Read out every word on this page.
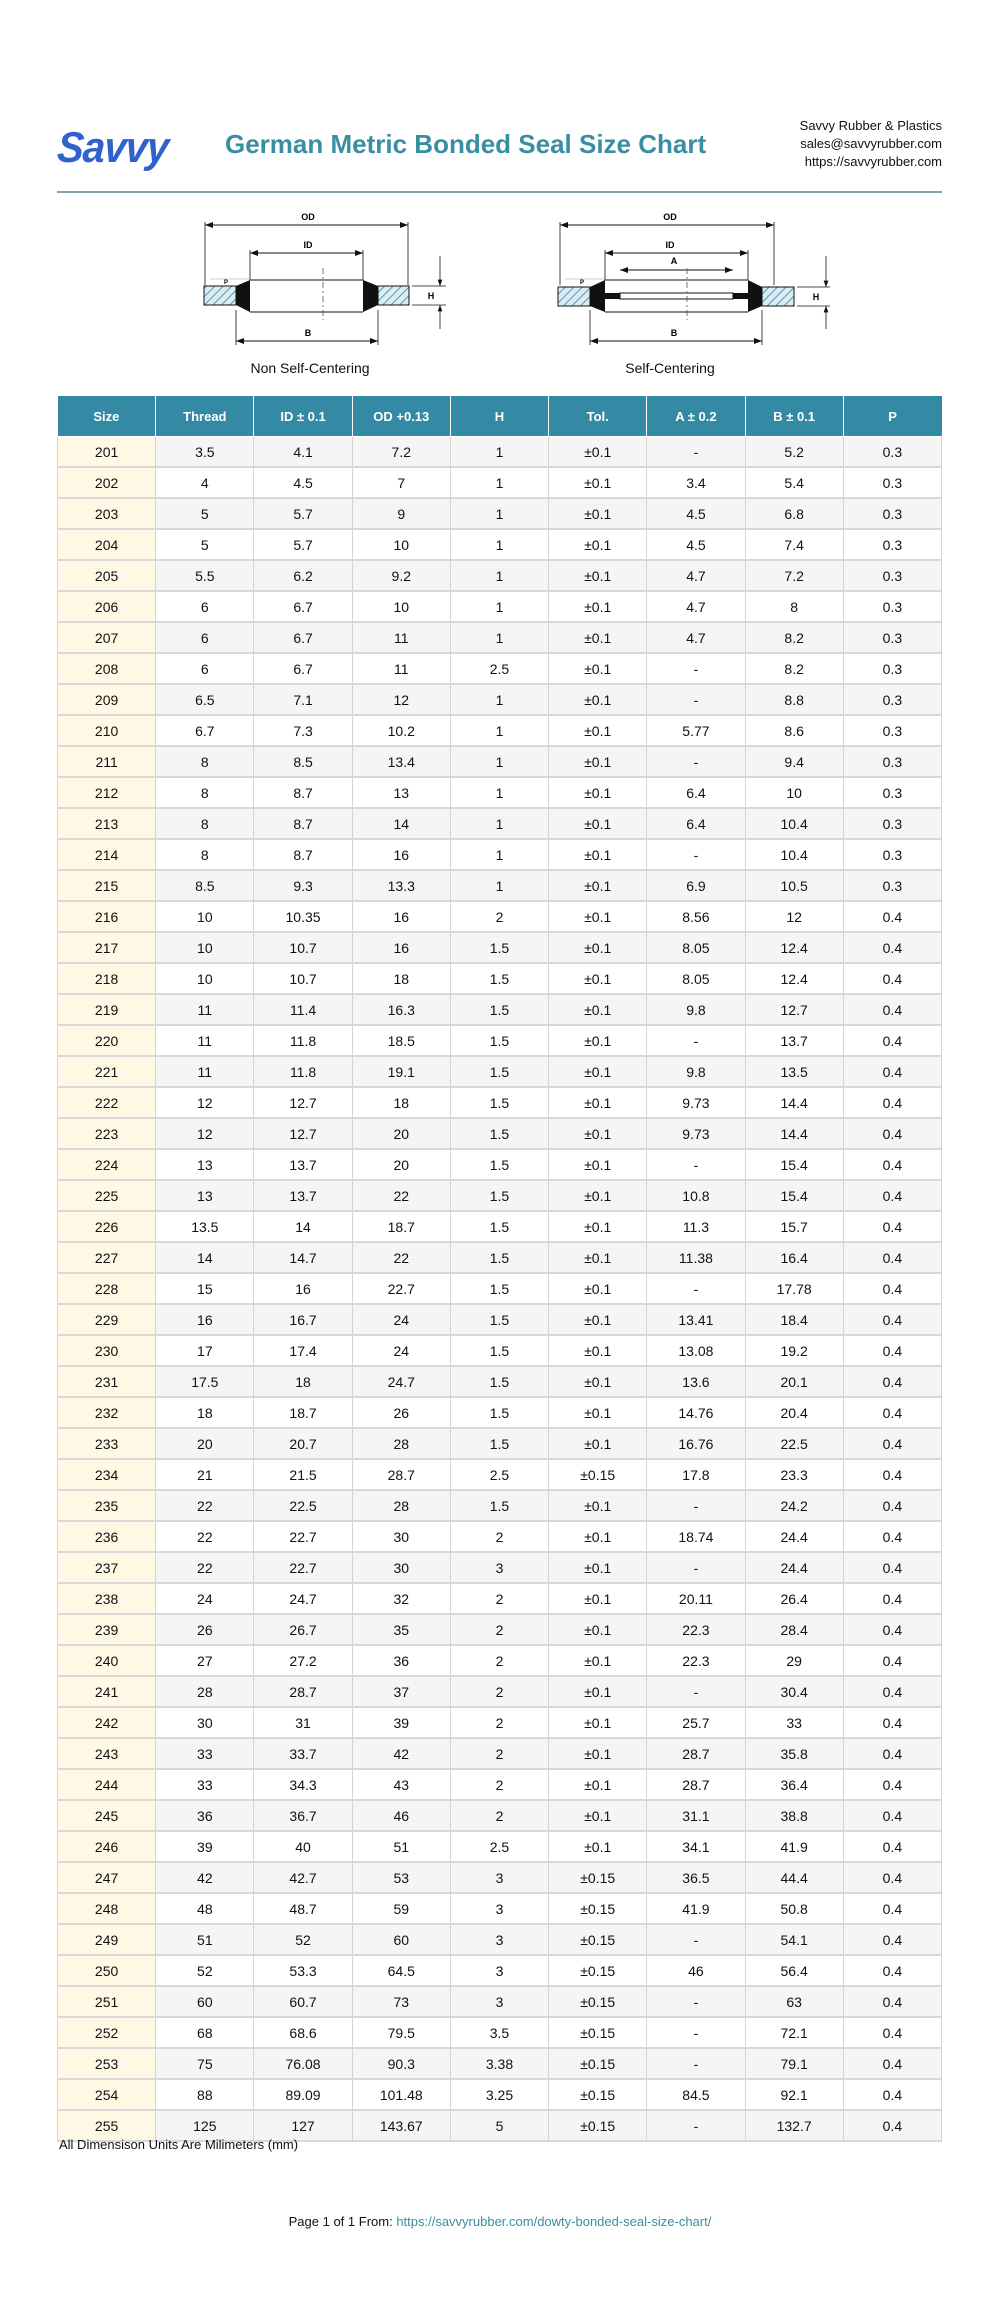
Savvy German Metric Bonded Seal Size Chart
Savvy Rubber & Plastics
sales@savvyrubber.com
https://savvyrubber.com
OD
ID
P
B
H
Non Self-Centering
OD
ID
A
P
B
H
Self-Centering
Size	Thread	ID ± 0.1	OD +0.13	H	Tol.	A ± 0.2	B ± 0.1	P
201	3.5	4.1	7.2	1	±0.1	-	5.2	0.3
202	4	4.5	7	1	±0.1	3.4	5.4	0.3
203	5	5.7	9	1	±0.1	4.5	6.8	0.3
204	5	5.7	10	1	±0.1	4.5	7.4	0.3
205	5.5	6.2	9.2	1	±0.1	4.7	7.2	0.3
206	6	6.7	10	1	±0.1	4.7	8	0.3
207	6	6.7	11	1	±0.1	4.7	8.2	0.3
208	6	6.7	11	2.5	±0.1	-	8.2	0.3
209	6.5	7.1	12	1	±0.1	-	8.8	0.3
210	6.7	7.3	10.2	1	±0.1	5.77	8.6	0.3
211	8	8.5	13.4	1	±0.1	-	9.4	0.3
212	8	8.7	13	1	±0.1	6.4	10	0.3
213	8	8.7	14	1	±0.1	6.4	10.4	0.3
214	8	8.7	16	1	±0.1	-	10.4	0.3
215	8.5	9.3	13.3	1	±0.1	6.9	10.5	0.3
216	10	10.35	16	2	±0.1	8.56	12	0.4
217	10	10.7	16	1.5	±0.1	8.05	12.4	0.4
218	10	10.7	18	1.5	±0.1	8.05	12.4	0.4
219	11	11.4	16.3	1.5	±0.1	9.8	12.7	0.4
220	11	11.8	18.5	1.5	±0.1	-	13.7	0.4
221	11	11.8	19.1	1.5	±0.1	9.8	13.5	0.4
222	12	12.7	18	1.5	±0.1	9.73	14.4	0.4
223	12	12.7	20	1.5	±0.1	9.73	14.4	0.4
224	13	13.7	20	1.5	±0.1	-	15.4	0.4
225	13	13.7	22	1.5	±0.1	10.8	15.4	0.4
226	13.5	14	18.7	1.5	±0.1	11.3	15.7	0.4
227	14	14.7	22	1.5	±0.1	11.38	16.4	0.4
228	15	16	22.7	1.5	±0.1	-	17.78	0.4
229	16	16.7	24	1.5	±0.1	13.41	18.4	0.4
230	17	17.4	24	1.5	±0.1	13.08	19.2	0.4
231	17.5	18	24.7	1.5	±0.1	13.6	20.1	0.4
232	18	18.7	26	1.5	±0.1	14.76	20.4	0.4
233	20	20.7	28	1.5	±0.1	16.76	22.5	0.4
234	21	21.5	28.7	2.5	±0.15	17.8	23.3	0.4
235	22	22.5	28	1.5	±0.1	-	24.2	0.4
236	22	22.7	30	2	±0.1	18.74	24.4	0.4
237	22	22.7	30	3	±0.1	-	24.4	0.4
238	24	24.7	32	2	±0.1	20.11	26.4	0.4
239	26	26.7	35	2	±0.1	22.3	28.4	0.4
240	27	27.2	36	2	±0.1	22.3	29	0.4
241	28	28.7	37	2	±0.1	-	30.4	0.4
242	30	31	39	2	±0.1	25.7	33	0.4
243	33	33.7	42	2	±0.1	28.7	35.8	0.4
244	33	34.3	43	2	±0.1	28.7	36.4	0.4
245	36	36.7	46	2	±0.1	31.1	38.8	0.4
246	39	40	51	2.5	±0.1	34.1	41.9	0.4
247	42	42.7	53	3	±0.15	36.5	44.4	0.4
248	48	48.7	59	3	±0.15	41.9	50.8	0.4
249	51	52	60	3	±0.15	-	54.1	0.4
250	52	53.3	64.5	3	±0.15	46	56.4	0.4
251	60	60.7	73	3	±0.15	-	63	0.4
252	68	68.6	79.5	3.5	±0.15	-	72.1	0.4
253	75	76.08	90.3	3.38	±0.15	-	79.1	0.4
254	88	89.09	101.48	3.25	±0.15	84.5	92.1	0.4
255	125	127	143.67	5	±0.15	-	132.7	0.4
All Dimensison Units Are Milimeters (mm)
Page 1 of 1 From: https://savvyrubber.com/dowty-bonded-seal-size-chart/
